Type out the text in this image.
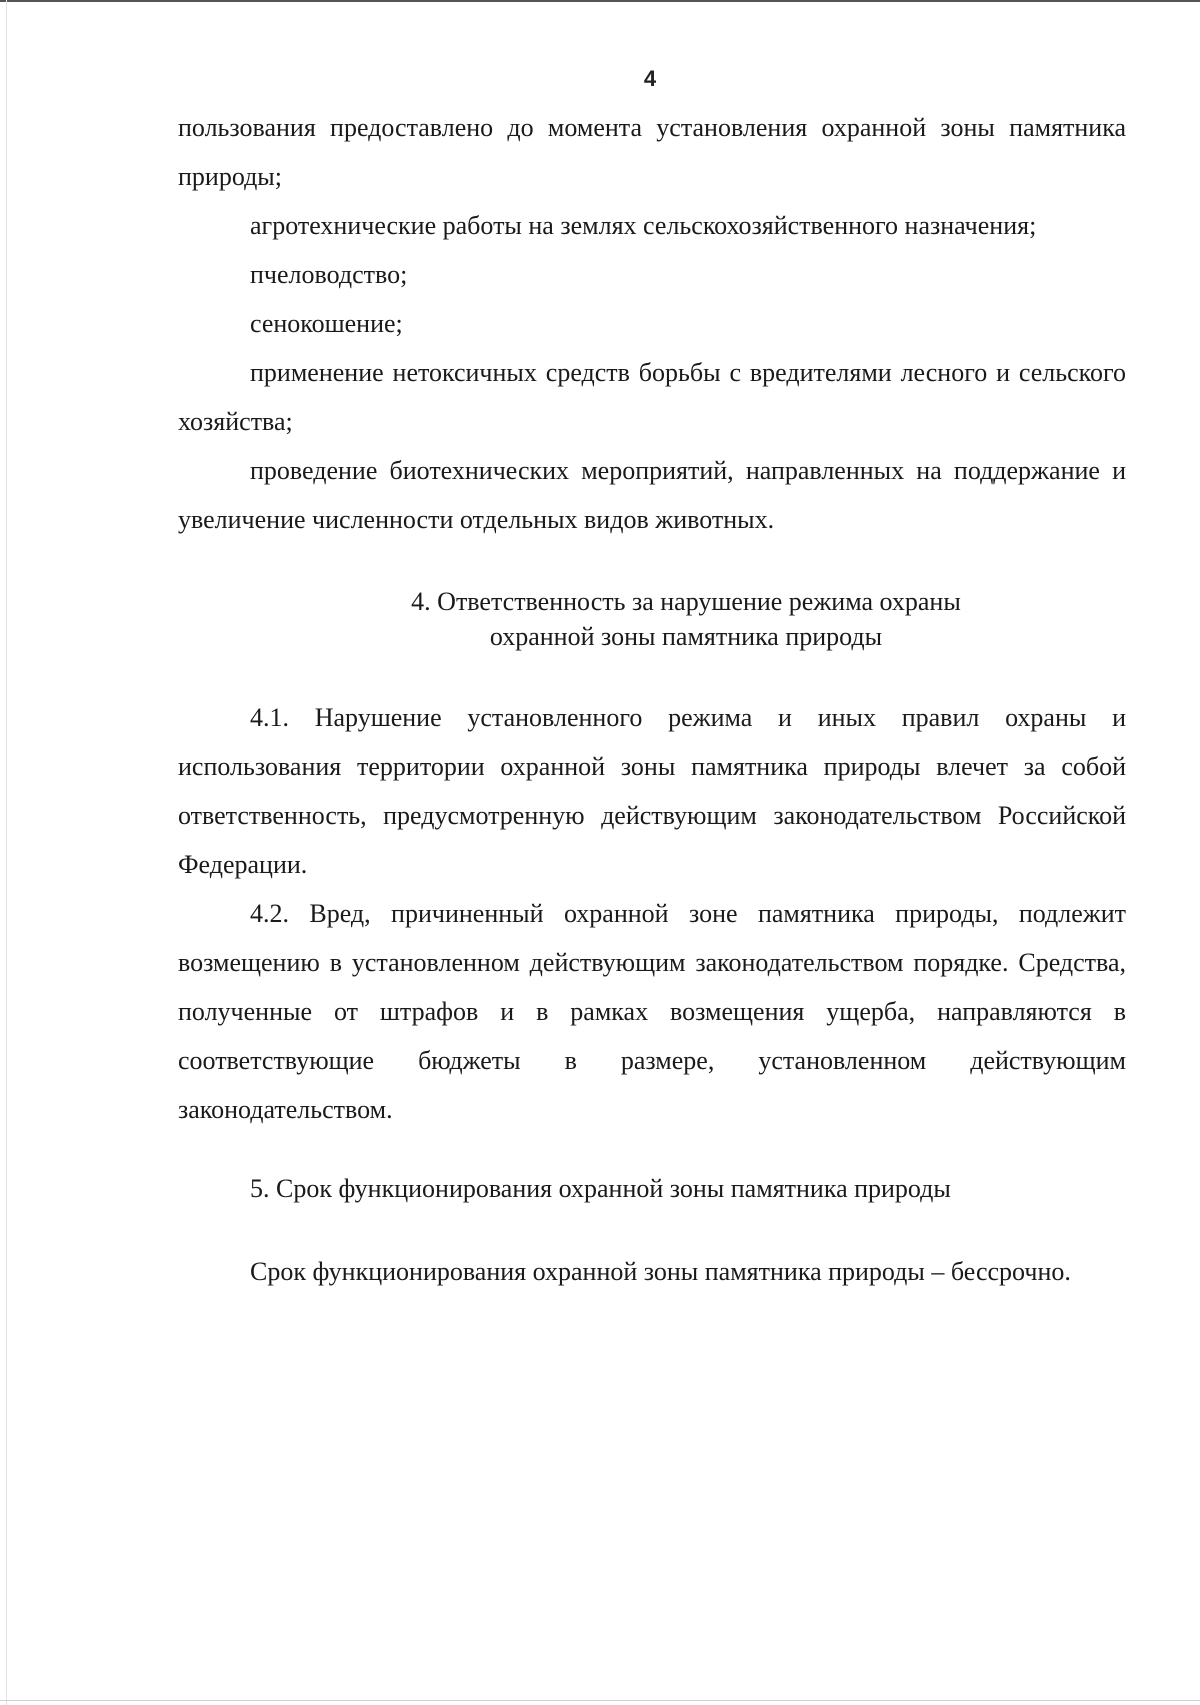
4

пользования предоставлено до момента установления охранной зоны памятника природы;

агротехнические работы на землях сельскохозяйственного назначения;

пчеловодство;

сенокошение;

применение нетоксичных средств борьбы с вредителями лесного и сельского хозяйства;

проведение биотехнических мероприятий, направленных на поддержание и увеличение численности отдельных видов животных.

4. Ответственность за нарушение режима охраны
охранной зоны памятника природы

4.1. Нарушение установленного режима и иных правил охраны и использования территории охранной зоны памятника природы влечет за собой ответственность, предусмотренную действующим законодательством Российской Федерации.

4.2. Вред, причиненный охранной зоне памятника природы, подлежит возмещению в установленном действующим законодательством порядке. Средства, полученные от штрафов и в рамках возмещения ущерба, направляются в соответствующие бюджеты в размере, установленном действующим законодательством.

5. Срок функционирования охранной зоны памятника природы

Срок функционирования охранной зоны памятника природы – бессрочно.
